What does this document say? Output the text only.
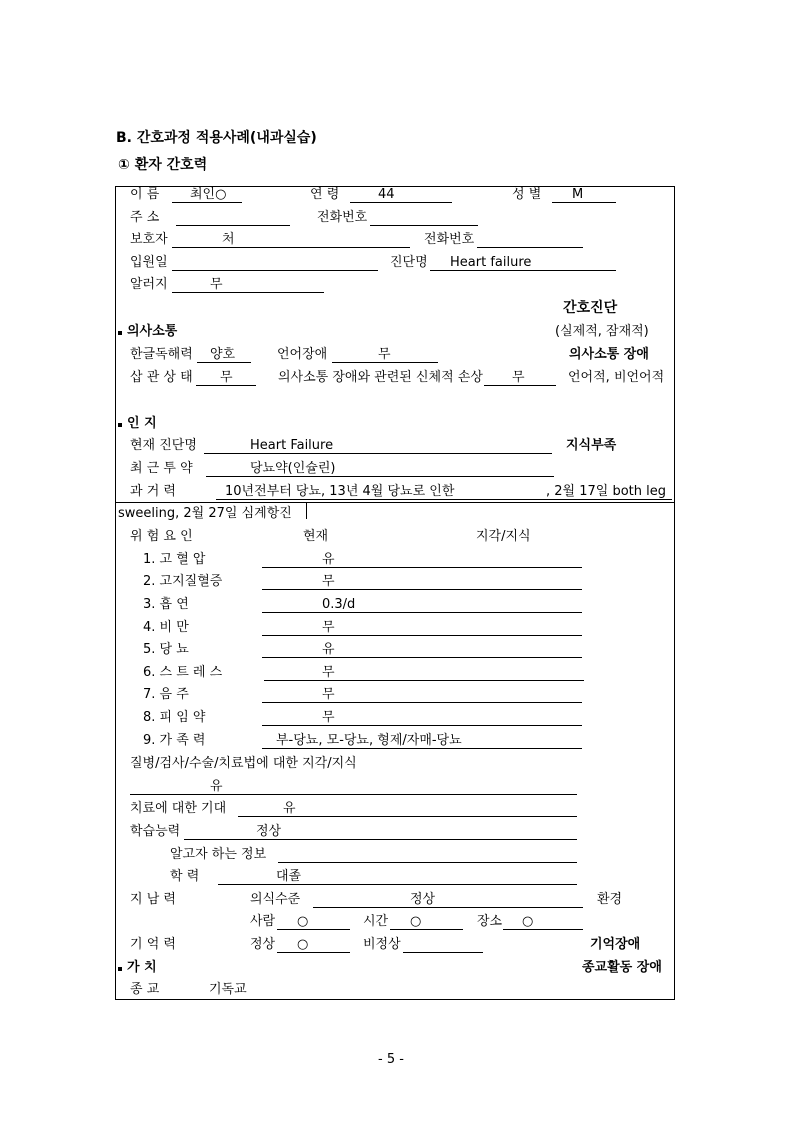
B. 간호과정 적용사례(내과실습)
① 환자 간호력
이 름 최인○	연 령	44	성 별 M
주 소	전화번호
보호자	처	전화번호
입원일	진단명 Heart failure
알러지	무
간호진단
의사소통	(실제적, 잠재적)
한글독해력 양호	언어장애	무	의사소통 장애
삽 관 상 태 무	의사소통 장애와 관련된 신체적 손상 무	언어적, 비언어적
인 지
현재 진단명	Heart Failure	지식부족
최 근 투 약	당뇨약(인슐린)
과 거 력	10년전부터 당뇨, 13년 4월 당뇨로 인한	, 2월 17일 both leg
sweeling, 2월 27일 심계항진
위 험 요 인	현재	지각/지식
1. 고 혈 압	유
2. 고지질혈증	무
3. 흡 연	0.3/d
4. 비 만	무
5. 당 뇨	유
6. 스 트 레 스	무
7. 음 주	무
8. 피 임 약	무
9. 가 족 력	부-당뇨, 모-당뇨, 형제/자매-당뇨
질병/검사/수술/치료법에 대한 지각/지식
유
치료에 대한 기대	유
학습능력	정상
알고자 하는 정보
학 력	대졸
지 남 력	의식수준	정상	환경
사람 ○	시간 ○	장소 ○
기 억 력	정상 ○	비정상	기억장애
가 치	종교활동 장애
종 교	기독교
- 5 -
